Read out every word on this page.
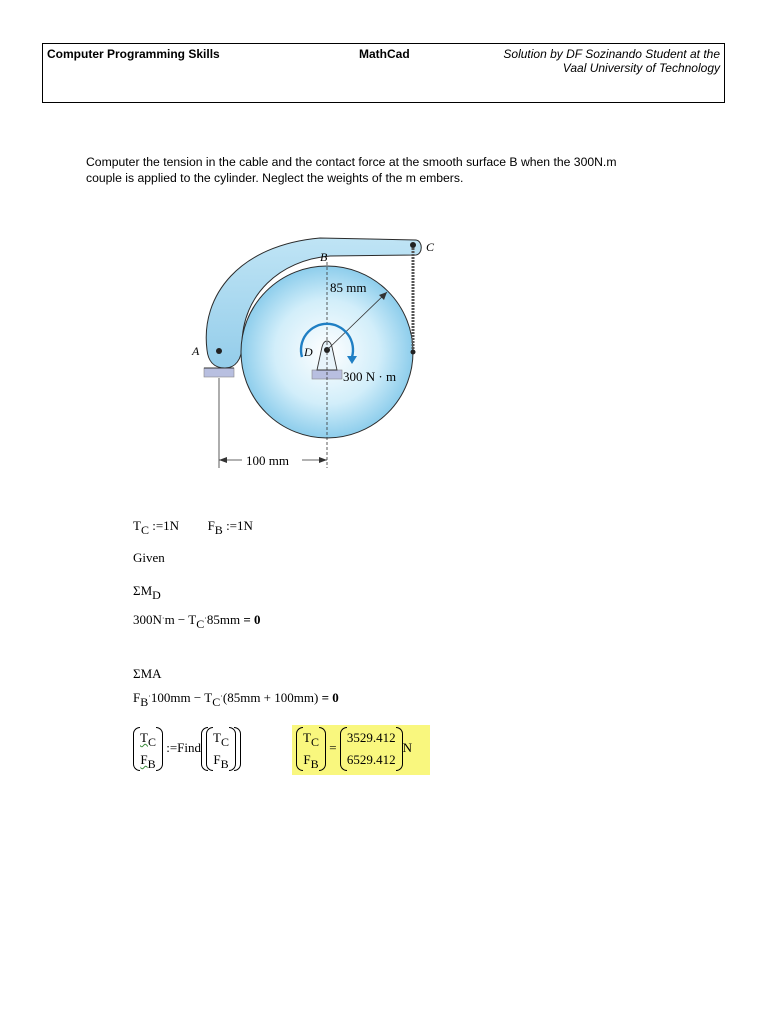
Computer Programming Skills	MathCad	Solution by DF Sozinando Student at the
Vaal University of Technology
Computer the tension in the cable and the contact force at the smooth surface B when the 300N.m
couple is applied to the cylinder. Neglect the weights of the m embers.
A
B
C
D
85 mm
300 N · m
100 mm
TC :=1N FB :=1N
Given
ΣMD
300N·m − TC·85mm = 0
ΣMA
FB·100mm − TC·(85mm + 100mm) = 0
TC
FB
:=Find
TC
FB
TC
FB
=
3529.412
6529.412
N
